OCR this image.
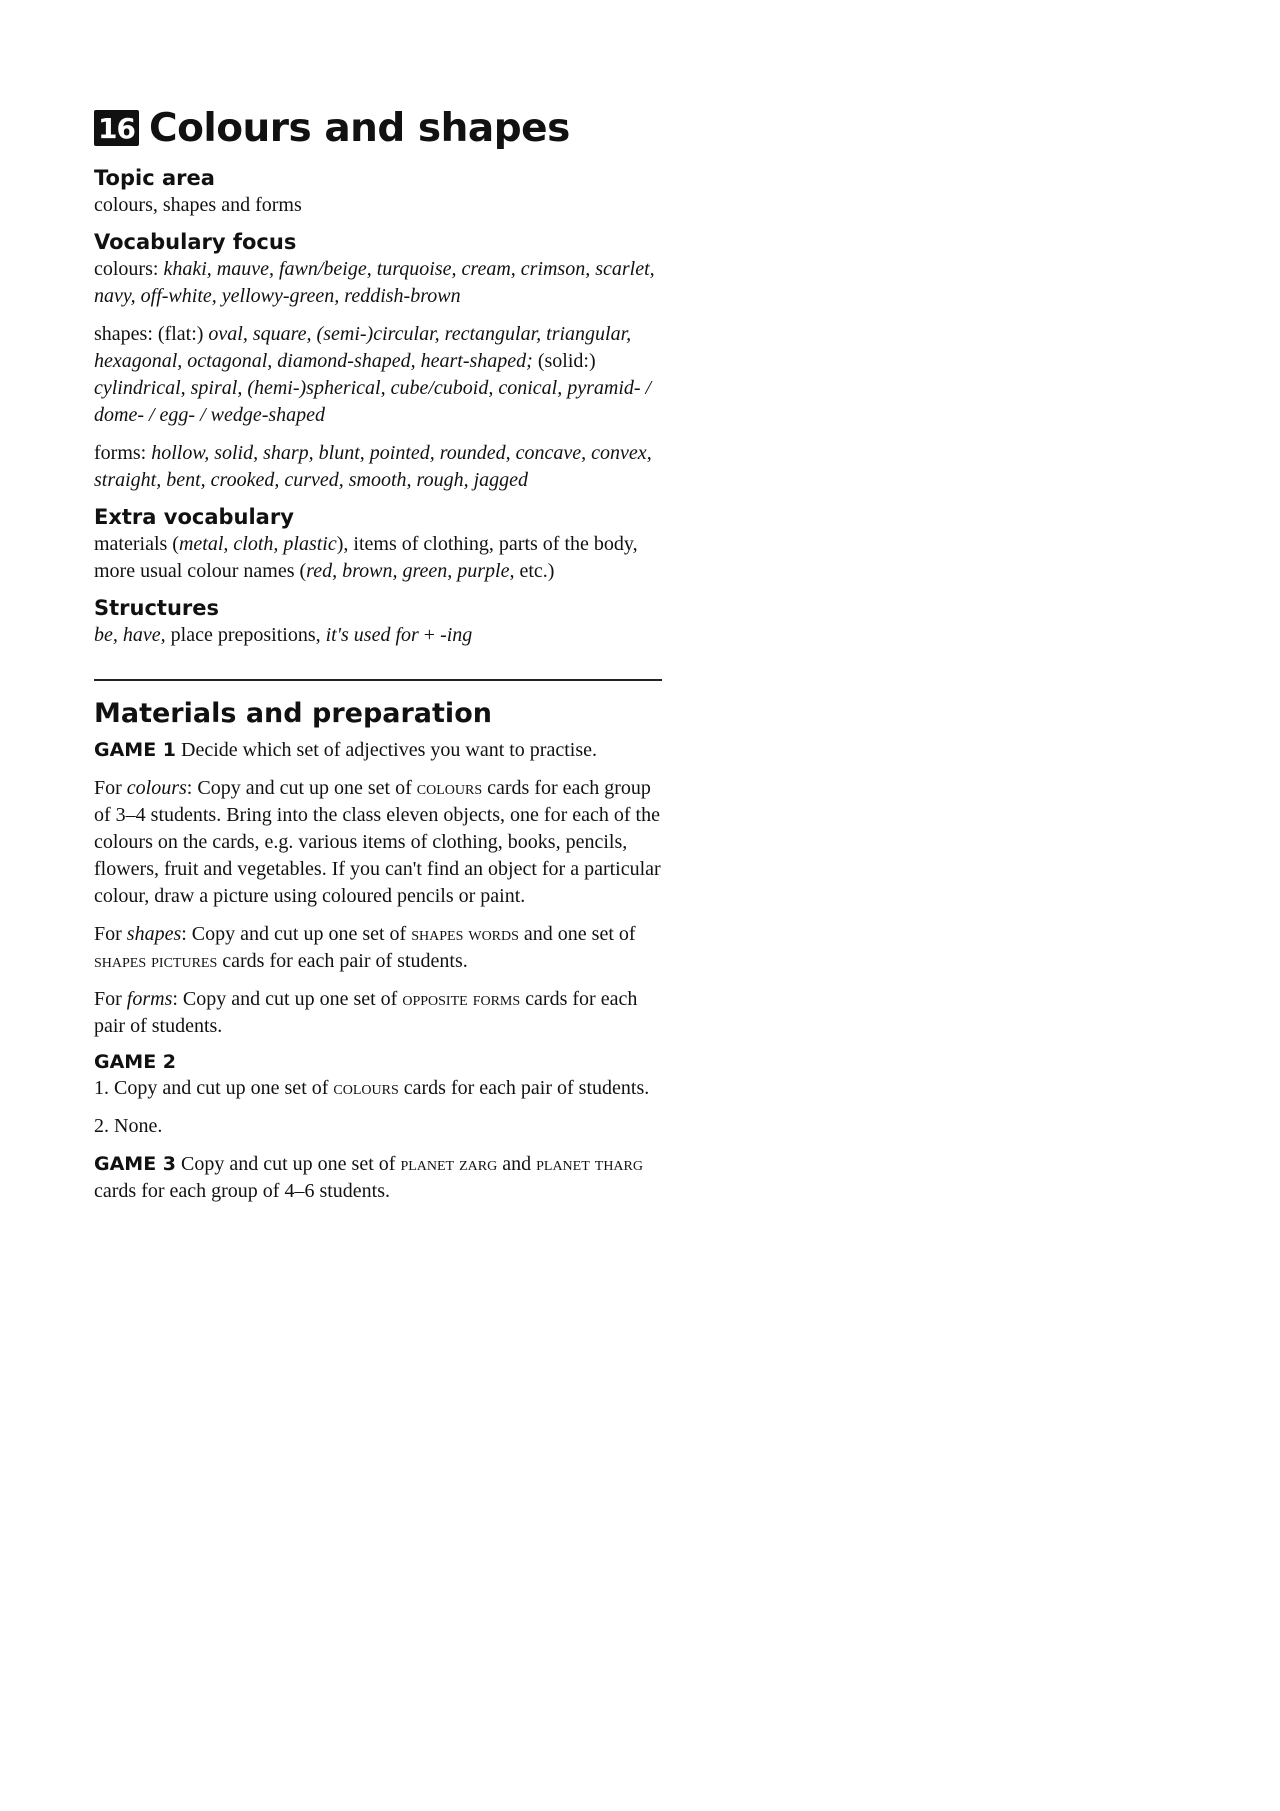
16 Colours and shapes
Topic area

colours, shapes and forms

Vocabulary focus

colours: khaki, mauve, fawn/beige, turquoise, cream, crimson, scarlet, navy, off-white, yellowy-green, reddish-brown

shapes: (flat:) oval, square, (semi-)circular, rectangular, triangular, hexagonal, octagonal, diamond-shaped, heart-shaped; (solid:) cylindrical, spiral, (hemi-)spherical, cube/cuboid, conical, pyramid- / dome- / egg- / wedge-shaped

forms: hollow, solid, sharp, blunt, pointed, rounded, concave, convex, straight, bent, crooked, curved, smooth, rough, jagged

Extra vocabulary

materials (metal, cloth, plastic), items of clothing, parts of the body, more usual colour names (red, brown, green, purple, etc.)

Structures

be, have, place prepositions, it's used for + -ing

Materials and preparation

GAME 1 Decide which set of adjectives you want to practise.

For colours: Copy and cut up one set of colours cards for each group of 3–4 students. Bring into the class eleven objects, one for each of the colours on the cards, e.g. various items of clothing, books, pencils, flowers, fruit and vegetables. If you can't find an object for a particular colour, draw a picture using coloured pencils or paint.

For shapes: Copy and cut up one set of shapes words and one set of shapes pictures cards for each pair of students.

For forms: Copy and cut up one set of opposite forms cards for each pair of students.

GAME 2

1. Copy and cut up one set of colours cards for each pair of students.

2. None.

GAME 3 Copy and cut up one set of planet zarg and planet tharg cards for each group of 4–6 students.
